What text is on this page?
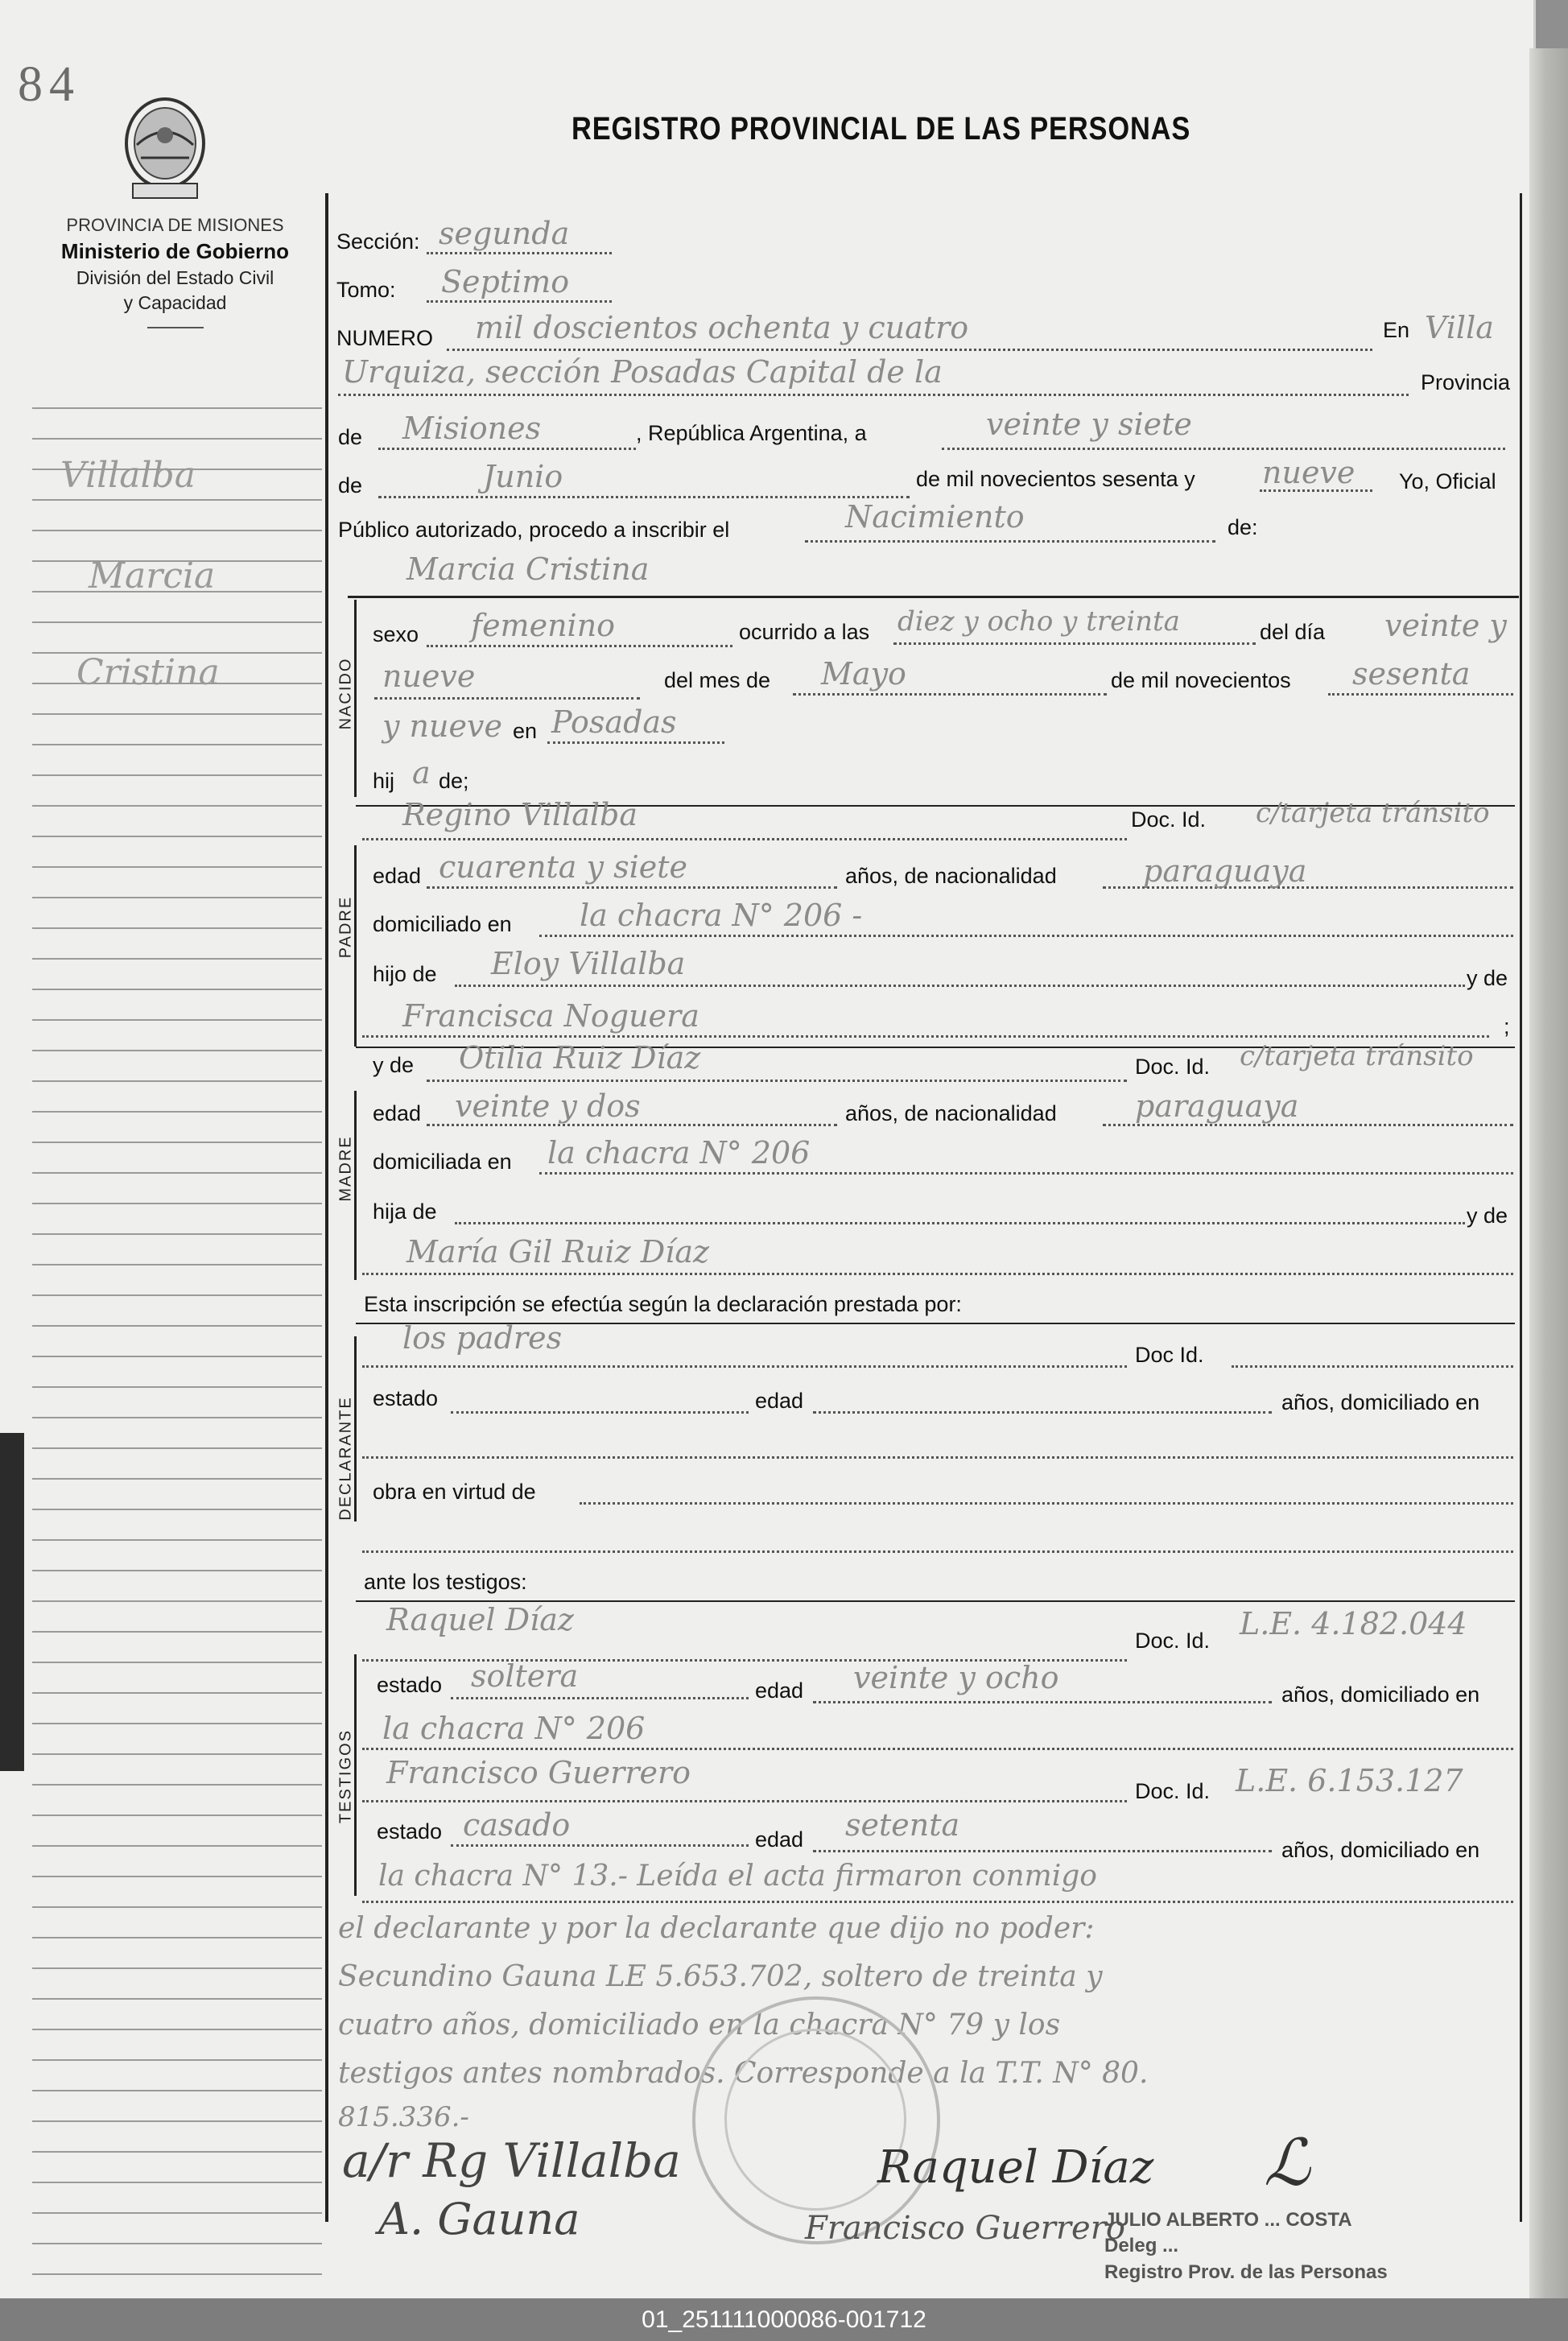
84
PROVINCIA DE MISIONES
Ministerio de Gobierno
División del Estado Civil
y Capacidad
REGISTRO PROVINCIAL DE LAS PERSONAS
Villalba
Marcia
Cristina
Sección: segunda
Tomo: Septimo
NUMERO mil doscientos ochenta y cuatro	En Villa
Urquiza, sección Posadas Capital de la	Provincia
de Misiones	, República Argentina, a	veinte y siete
de	Junio	de mil novecientos sesenta y nueve Yo, Oficial
Público autorizado, procedo a inscribir el	Nacimiento	de:
Marcia Cristina
NACIDO
sexo femenino	ocurrido a las diez y ocho y treinta	del día veinte y
nueve	del mes de Mayo	de mil novecientos sesenta
y nueve en Posadas
hij a de;
PADRE
Regino Villalba	Doc. Id. c/tarjeta tránsito
edad cuarenta y siete	años, de nacionalidad	paraguaya
domiciliado en la chacra N° 206 -
hijo de Eloy Villalba	y de
Francisca Noguera	;
MADRE
y de Otilia Ruiz Díaz	Doc. Id. c/tarjeta tránsito
edad veinte y dos	años, de nacionalidad	paraguaya
domiciliada en la chacra N° 206
hija de	y de
María Gil Ruiz Díaz
Esta inscripción se efectúa según la declaración prestada por:
DECLARANTE
los padres	Doc Id.
estado	edad	años, domiciliado en
obra en virtud de
ante los testigos:
TESTIGOS
Raquel Díaz
Doc. Id. L.E. 4.182.044
estado soltera	edad veinte y ocho	años, domiciliado en
la chacra N° 206
Francisco Guerrero
Doc. Id. L.E. 6.153.127
estado casado	edad setenta
años, domiciliado en
la chacra N° 13.- Leída el acta firmaron conmigo
el declarante y por la declarante que dijo no poder:
Secundino Gauna LE 5.653.702, soltero de treinta y
cuatro años, domiciliado en la chacra N° 79 y los
testigos antes nombrados. Corresponde a la T.T. N° 80.
815.336.-
a/r Rg Villalba	Raquel Díaz
A. Gauna	Francisco Guerrero
ℒ
JULIO ALBERTO ... COSTA
Deleg ...
Registro Prov. de las Personas
01_251111000086-001712
